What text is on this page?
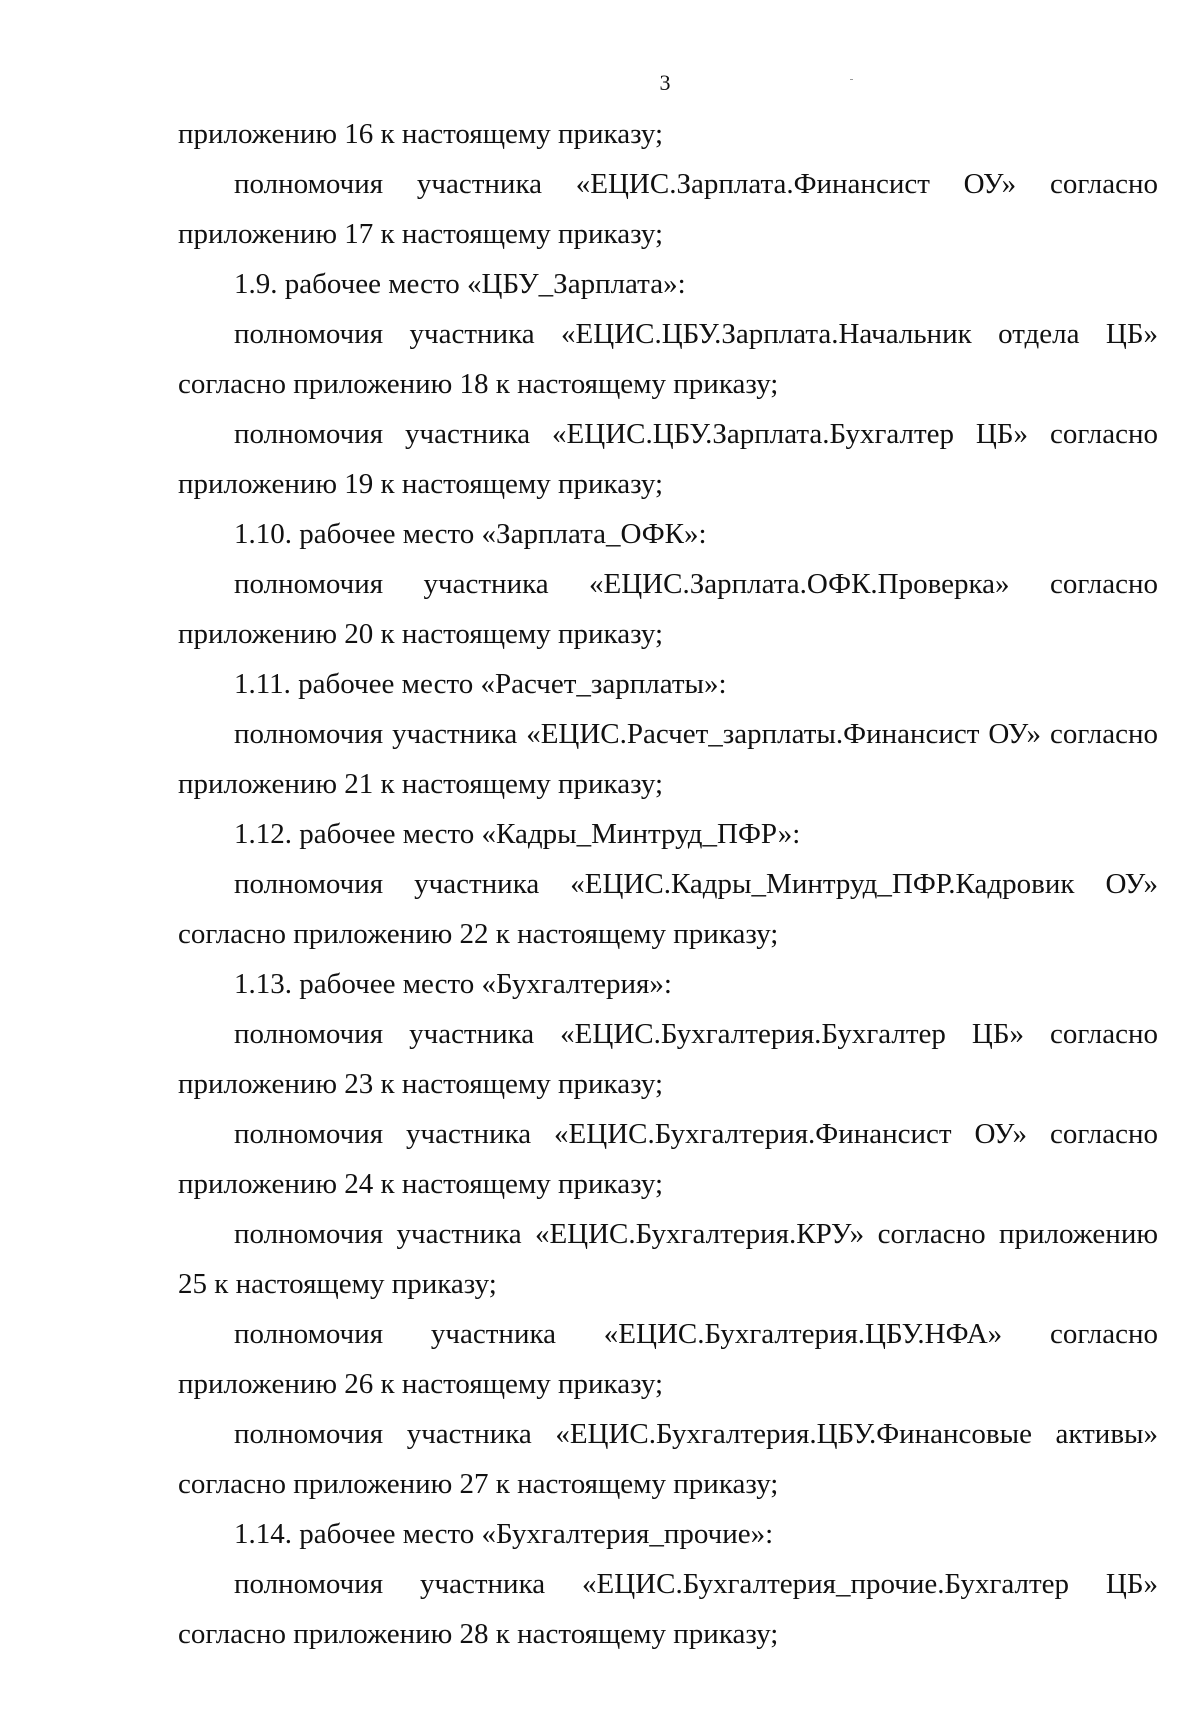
3

приложению 16 к настоящему приказу;

полномочия участника «ЕЦИС.Зарплата.Финансист ОУ» согласно приложению 17 к настоящему приказу;

1.9. рабочее место «ЦБУ_Зарплата»:

полномочия участника «ЕЦИС.ЦБУ.Зарплата.Начальник отдела ЦБ» согласно приложению 18 к настоящему приказу;

полномочия участника «ЕЦИС.ЦБУ.Зарплата.Бухгалтер ЦБ» согласно приложению 19 к настоящему приказу;

1.10. рабочее место «Зарплата_ОФК»:

полномочия участника «ЕЦИС.Зарплата.ОФК.Проверка» согласно приложению 20 к настоящему приказу;

1.11. рабочее место «Расчет_зарплаты»:

полномочия участника «ЕЦИС.Расчет_зарплаты.Финансист ОУ» согласно приложению 21 к настоящему приказу;

1.12. рабочее место «Кадры_Минтруд_ПФР»:

полномочия участника «ЕЦИС.Кадры_Минтруд_ПФР.Кадровик ОУ» согласно приложению 22 к настоящему приказу;

1.13. рабочее место «Бухгалтерия»:

полномочия участника «ЕЦИС.Бухгалтерия.Бухгалтер ЦБ» согласно приложению 23 к настоящему приказу;

полномочия участника «ЕЦИС.Бухгалтерия.Финансист ОУ» согласно приложению 24 к настоящему приказу;

полномочия участника «ЕЦИС.Бухгалтерия.КРУ» согласно приложению 25 к настоящему приказу;

полномочия участника «ЕЦИС.Бухгалтерия.ЦБУ.НФА» согласно приложению 26 к настоящему приказу;

полномочия участника «ЕЦИС.Бухгалтерия.ЦБУ.Финансовые активы» согласно приложению 27 к настоящему приказу;

1.14. рабочее место «Бухгалтерия_прочие»:

полномочия участника «ЕЦИС.Бухгалтерия_прочие.Бухгалтер ЦБ» согласно приложению 28 к настоящему приказу;
